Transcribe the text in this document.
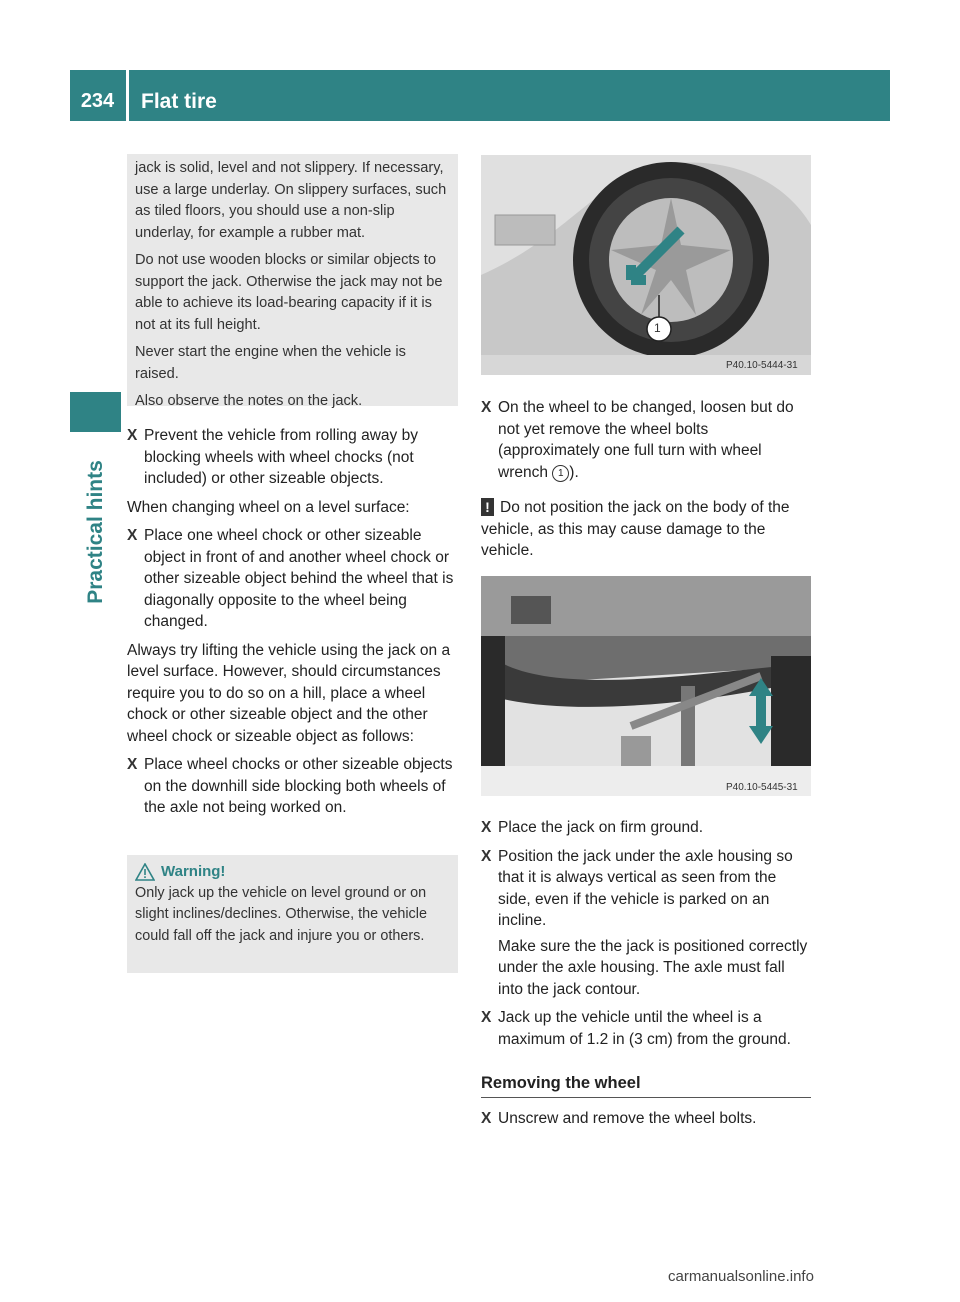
234	Flat tire
Practical hints

jack is solid, level and not slippery. If necessary, use a large underlay. On slippery surfaces, such as tiled floors, you should use a non-slip underlay, for example a rubber mat.

Do not use wooden blocks or similar objects to support the jack. Otherwise the jack may not be able to achieve its load-bearing capacity if it is not at its full height.

Never start the engine when the vehicle is raised.

Also observe the notes on the jack.

X Prevent the vehicle from rolling away by blocking wheels with wheel chocks (not included) or other sizeable objects.
When changing wheel on a level surface:
X Place one wheel chock or other sizeable object in front of and another wheel chock or other sizeable object behind the wheel that is diagonally opposite to the wheel being changed.
Always try lifting the vehicle using the jack on a level surface. However, should circumstances require you to do so on a hill, place a wheel chock or other sizeable object and the other wheel chock or sizeable object as follows:
X Place wheel chocks or other sizeable objects on the downhill side blocking both wheels of the axle not being worked on.
Warning!
Only jack up the vehicle on level ground or on slight inclines/declines. Otherwise, the vehicle could fall off the jack and injure you or others.
P40.10-5444-31
1
X On the wheel to be changed, loosen but do not yet remove the wheel bolts (approximately one full turn with wheel wrench 1 ).
! Do not position the jack on the body of the vehicle, as this may cause damage to the vehicle.
P40.10-5445-31
X Place the jack on firm ground.
X Position the jack under the axle housing so that it is always vertical as seen from the side, even if the vehicle is parked on an incline.
Make sure the the jack is positioned correctly under the axle housing. The axle must fall into the jack contour.
X Jack up the vehicle until the wheel is a maximum of 1.2 in (3 cm) from the ground.
Removing the wheel
X Unscrew and remove the wheel bolts.
carmanualsonline.info
